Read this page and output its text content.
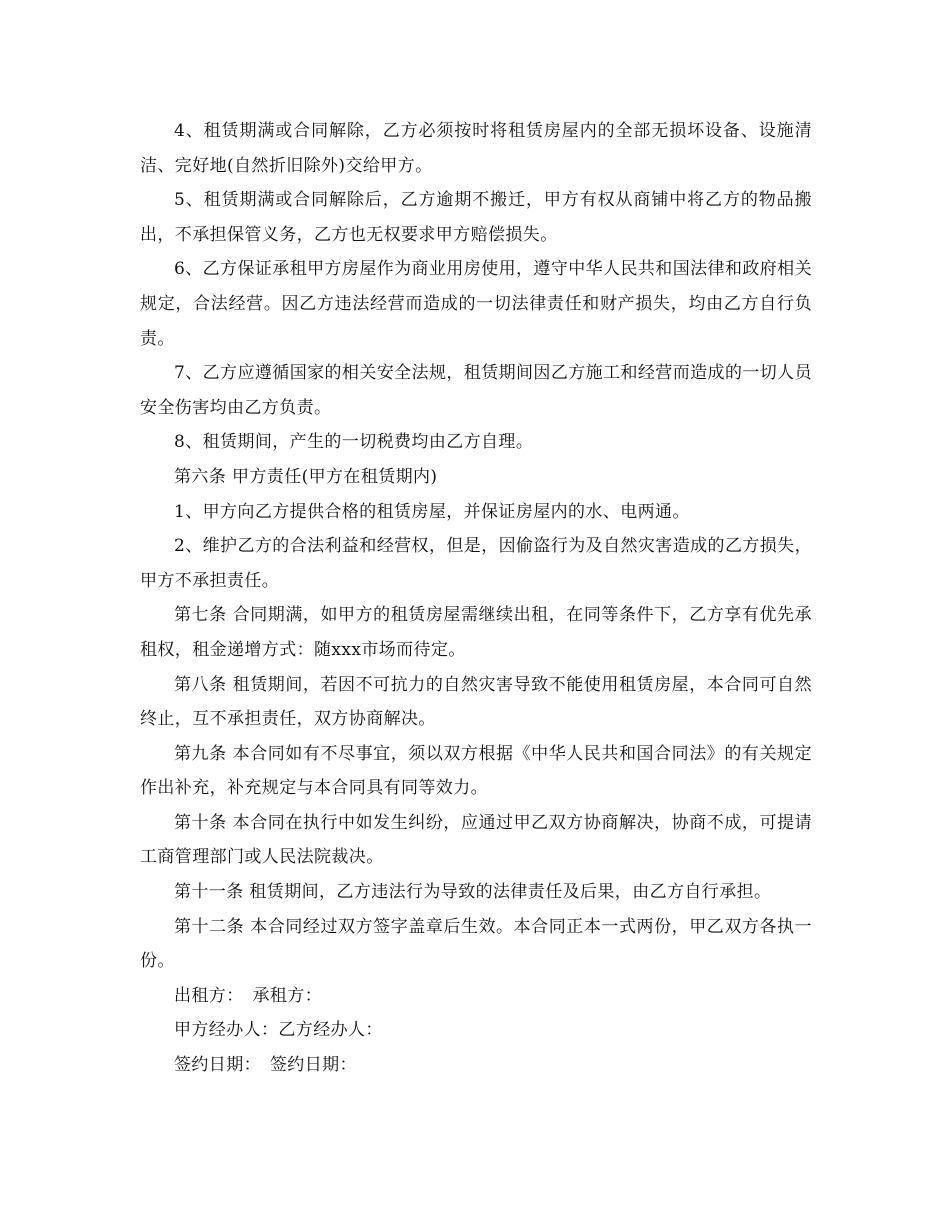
4、租赁期满或合同解除，乙方必须按时将租赁房屋内的全部无损坏设备、设施清洁、完好地(自然折旧除外)交给甲方。

5、租赁期满或合同解除后，乙方逾期不搬迁，甲方有权从商铺中将乙方的物品搬出，不承担保管义务，乙方也无权要求甲方赔偿损失。

6、乙方保证承租甲方房屋作为商业用房使用，遵守中华人民共和国法律和政府相关规定，合法经营。因乙方违法经营而造成的一切法律责任和财产损失，均由乙方自行负责。

7、乙方应遵循国家的相关安全法规，租赁期间因乙方施工和经营而造成的一切人员安全伤害均由乙方负责。

8、租赁期间，产生的一切税费均由乙方自理。

第六条 甲方责任(甲方在租赁期内)

1、甲方向乙方提供合格的租赁房屋，并保证房屋内的水、电两通。

2、维护乙方的合法利益和经营权，但是，因偷盗行为及自然灾害造成的乙方损失，甲方不承担责任。

第七条 合同期满，如甲方的租赁房屋需继续出租，在同等条件下，乙方享有优先承租权，租金递增方式：随xxx市场而待定。

第八条 租赁期间，若因不可抗力的自然灾害导致不能使用租赁房屋，本合同可自然终止，互不承担责任，双方协商解决。

第九条 本合同如有不尽事宜，须以双方根据《中华人民共和国合同法》的有关规定作出补充，补充规定与本合同具有同等效力。

第十条 本合同在执行中如发生纠纷，应通过甲乙双方协商解决，协商不成，可提请工商管理部门或人民法院裁决。

第十一条 租赁期间，乙方违法行为导致的法律责任及后果，由乙方自行承担。

第十二条 本合同经过双方签字盖章后生效。本合同正本一式两份，甲乙双方各执一份。

出租方：　承租方：

甲方经办人：乙方经办人：

签约日期：　签约日期：
